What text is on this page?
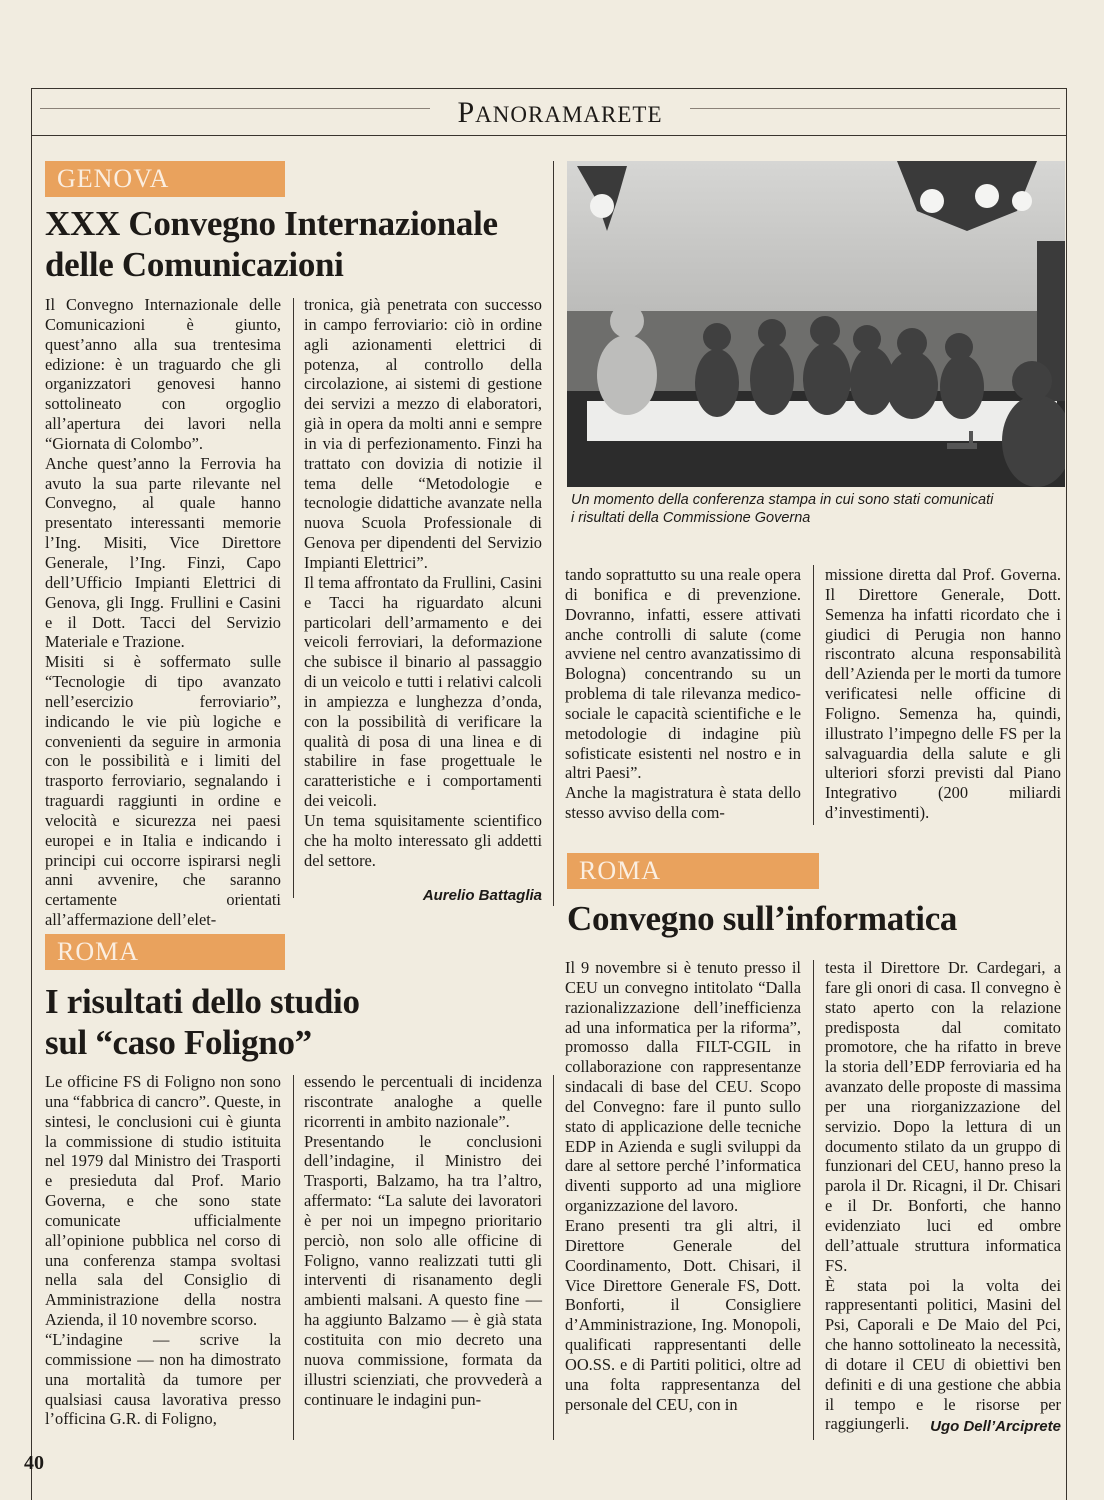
PANORAMARETE
GENOVA
XXX Convegno Internazionale
delle Comunicazioni
Il Convegno Internazionale delle Comunicazioni è giunto, quest’anno alla sua trentesima edizione: è un traguardo che gli organizzatori genovesi hanno sottolineato con orgoglio all’apertura dei lavori nella “Giornata di Colombo”.
Anche quest’anno la Ferrovia ha avuto la sua parte rilevante nel Convegno, al quale hanno presentato interessanti memorie l’Ing. Misiti, Vice Direttore Generale, l’Ing. Finzi, Capo dell’Ufficio Impianti Elettrici di Genova, gli Ingg. Frullini e Casini e il Dott. Tacci del Servizio Materiale e Trazione.
Misiti si è soffermato sulle “Tecnologie di tipo avanzato nell’esercizio ferroviario”, indicando le vie più logiche e convenienti da seguire in armonia con le possibilità e i limiti del trasporto ferroviario, segnalando i traguardi raggiunti in ordine e velocità e sicurezza nei paesi europei e in Italia e indicando i principi cui occorre ispirarsi negli anni avvenire, che saranno certamente orientati all’affermazione dell’elet-
tronica, già penetrata con successo in campo ferroviario: ciò in ordine agli azionamenti elettrici di potenza, al controllo della circolazione, ai sistemi di gestione dei servizi a mezzo di elaboratori, già in opera da molti anni e sempre in via di perfezionamento. Finzi ha trattato con dovizia di notizie il tema delle “Metodologie e tecnologie didattiche avanzate nella nuova Scuola Professionale di Genova per dipendenti del Servizio Impianti Elettrici”.
Il tema affrontato da Frullini, Casini e Tacci ha riguardato alcuni particolari dell’armamento e dei veicoli ferroviari, la deformazione che subisce il binario al passaggio di un veicolo e tutti i relativi calcoli in ampiezza e lunghezza d’onda, con la possibilità di verificare la qualità di posa di una linea e di stabilire in fase progettuale le caratteristiche e i comportamenti dei veicoli.
Un tema squisitamente scientifico che ha molto interessato gli addetti del settore.
Aurelio Battaglia
Un momento della conferenza stampa in cui sono stati comunicati
i risultati della Commissione Governa
tando soprattutto su una reale opera di bonifica e di prevenzione. Dovranno, infatti, essere attivati anche controlli di salute (come avviene nel centro avanzatissimo di Bologna) concentrando su un problema di tale rilevanza medico-sociale le capacità scientifiche e le metodologie di indagine più sofisticate esistenti nel nostro e in altri Paesi”.
Anche la magistratura è stata dello stesso avviso della com-
missione diretta dal Prof. Governa. Il Direttore Generale, Dott. Semenza ha infatti ricordato che i giudici di Perugia non hanno riscontrato alcuna responsabilità dell’Azienda per le morti da tumore verificatesi nelle officine di Foligno. Semenza ha, quindi, illustrato l’impegno delle FS per la salvaguardia della salute e gli ulteriori sforzi previsti dal Piano Integrativo (200 miliardi d’investimenti).
ROMA
I risultati dello studio
sul “caso Foligno”
Le officine FS di Foligno non sono una “fabbrica di cancro”. Queste, in sintesi, le conclusioni cui è giunta la commissione di studio istituita nel 1979 dal Ministro dei Trasporti e presieduta dal Prof. Mario Governa, e che sono state comunicate ufficialmente all’opinione pubblica nel corso di una conferenza stampa svoltasi nella sala del Consiglio di Amministrazione della nostra Azienda, il 10 novembre scorso.
“L’indagine — scrive la commissione — non ha dimostrato una mortalità da tumore per qualsiasi causa lavorativa presso l’officina G.R. di Foligno,
essendo le percentuali di incidenza riscontrate analoghe a quelle ricorrenti in ambito nazionale”.
Presentando le conclusioni dell’indagine, il Ministro dei Trasporti, Balzamo, ha tra l’altro, affermato: “La salute dei lavoratori è per noi un impegno prioritario perciò, non solo alle officine di Foligno, vanno realizzati tutti gli interventi di risanamento degli ambienti malsani. A questo fine — ha aggiunto Balzamo — è già stata costituita con mio decreto una nuova commissione, formata da illustri scienziati, che provvederà a continuare le indagini pun-
ROMA
Convegno sull’informatica
Il 9 novembre si è tenuto presso il CEU un convegno intitolato “Dalla razionalizzazione dell’inefficienza ad una informatica per la riforma”, promosso dalla FILT-CGIL in collaborazione con rappresentanze sindacali di base del CEU. Scopo del Convegno: fare il punto sullo stato di applicazione delle tecniche EDP in Azienda e sugli sviluppi da dare al settore perché l’informatica diventi supporto ad una migliore organizzazione del lavoro.
Erano presenti tra gli altri, il Direttore Generale del Coordinamento, Dott. Chisari, il Vice Direttore Generale FS, Dott. Bonforti, il Consigliere d’Amministrazione, Ing. Monopoli, qualificati rappresentanti delle OO.SS. e di Partiti politici, oltre ad una folta rappresentanza del personale del CEU, con in
testa il Direttore Dr. Cardegari, a fare gli onori di casa. Il convegno è stato aperto con la relazione predisposta dal comitato promotore, che ha rifatto in breve la storia dell’EDP ferroviaria ed ha avanzato delle proposte di massima per una riorganizzazione del servizio. Dopo la lettura di un documento stilato da un gruppo di funzionari del CEU, hanno preso la parola il Dr. Ricagni, il Dr. Chisari e il Dr. Bonforti, che hanno evidenziato luci ed ombre dell’attuale struttura informatica FS.
È stata poi la volta dei rappresentanti politici, Masini del Psi, Caporali e De Maio del Pci, che hanno sottolineato la necessità, di dotare il CEU di obiettivi ben definiti e di una gestione che abbia il tempo e le risorse per raggiungerli.	Ugo Dell’Arciprete
40
